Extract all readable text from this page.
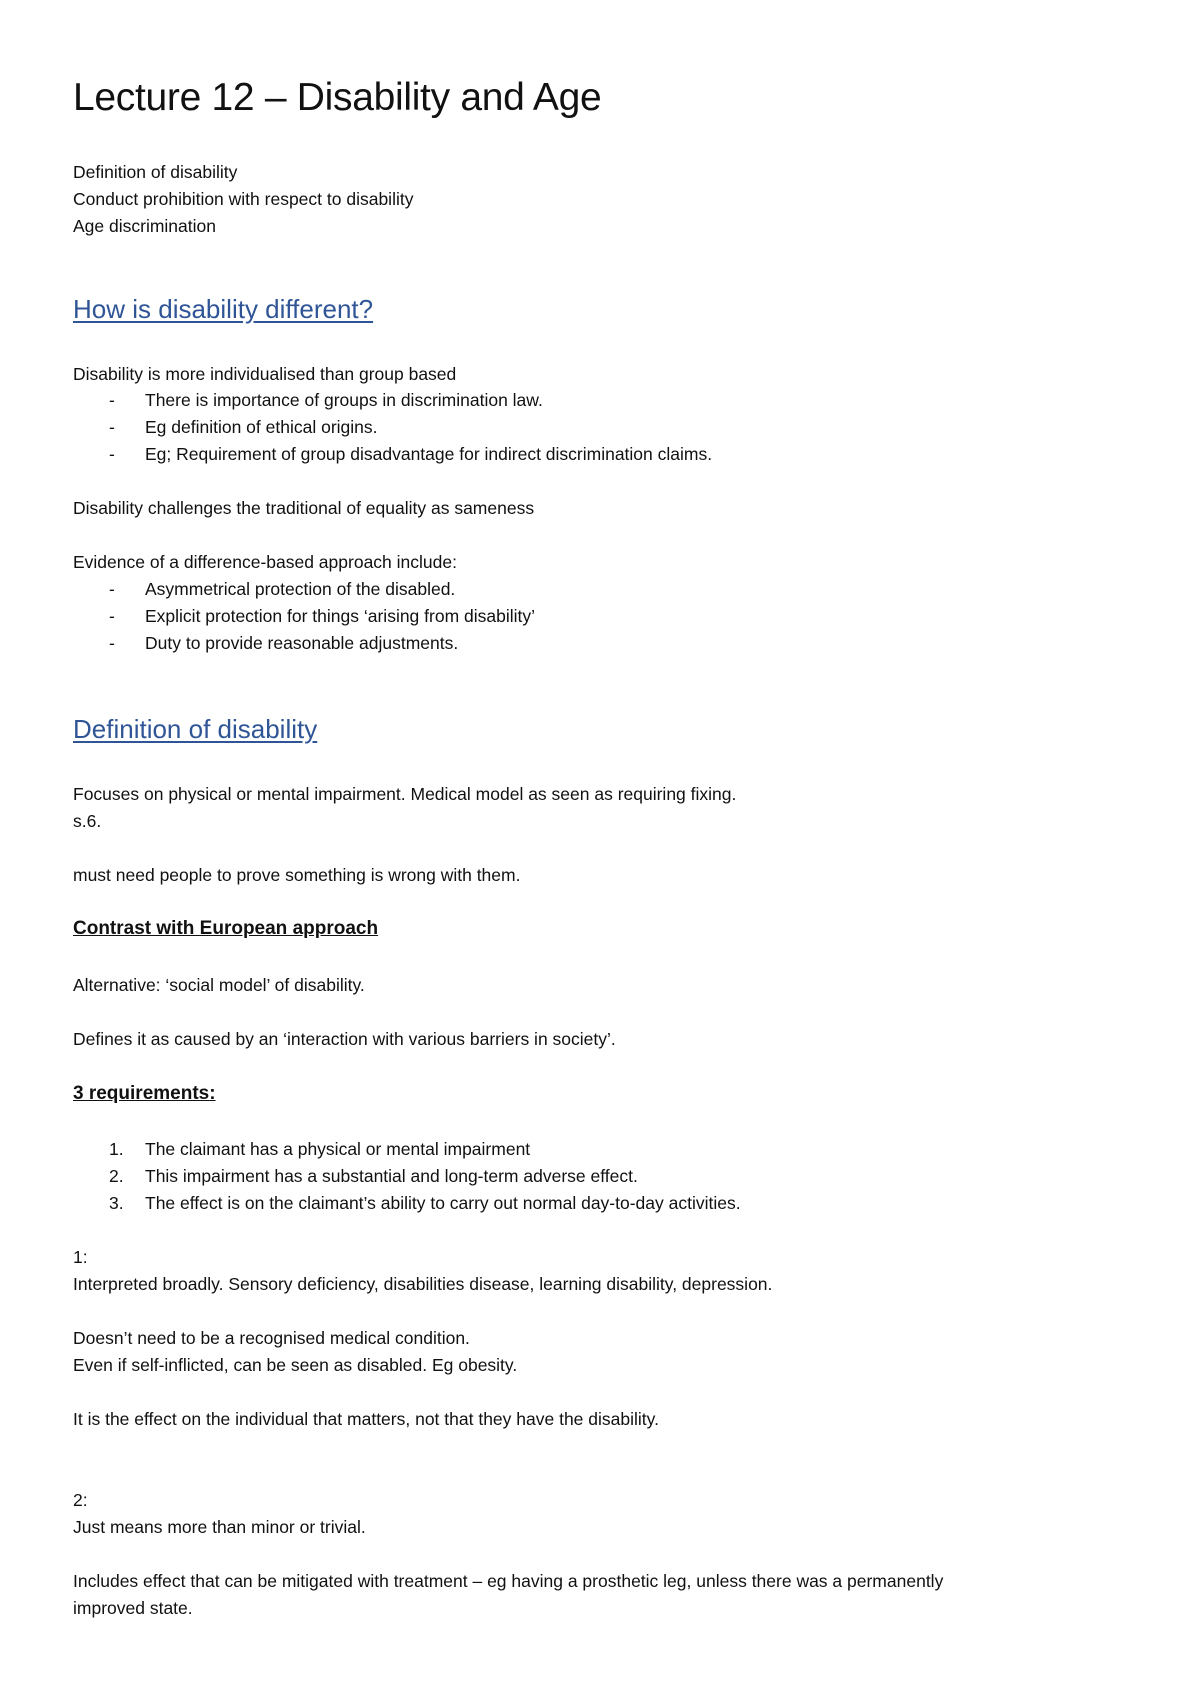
Lecture 12 – Disability and Age

Definition of disability

Conduct prohibition with respect to disability

Age discrimination

How is disability different?

Disability is more individualised than group based

- There is importance of groups in discrimination law.
- Eg definition of ethical origins.
- Eg; Requirement of group disadvantage for indirect discrimination claims.

Disability challenges the traditional of equality as sameness

Evidence of a difference-based approach include:

- Asymmetrical protection of the disabled.
- Explicit protection for things ‘arising from disability’
- Duty to provide reasonable adjustments.
Definition of disability

Focuses on physical or mental impairment. Medical model as seen as requiring fixing.

s.6.

must need people to prove something is wrong with them.

Contrast with European approach

Alternative: ‘social model’ of disability.

Defines it as caused by an ‘interaction with various barriers in society’.

3 requirements:
1. The claimant has a physical or mental impairment
2. This impairment has a substantial and long-term adverse effect.
3. The effect is on the claimant’s ability to carry out normal day-to-day activities.

1:

Interpreted broadly. Sensory deficiency, disabilities disease, learning disability, depression.

Doesn’t need to be a recognised medical condition.

Even if self-inflicted, can be seen as disabled. Eg obesity.

It is the effect on the individual that matters, not that they have the disability.

2:

Just means more than minor or trivial.

Includes effect that can be mitigated with treatment – eg having a prosthetic leg, unless there was a permanently

improved state.
